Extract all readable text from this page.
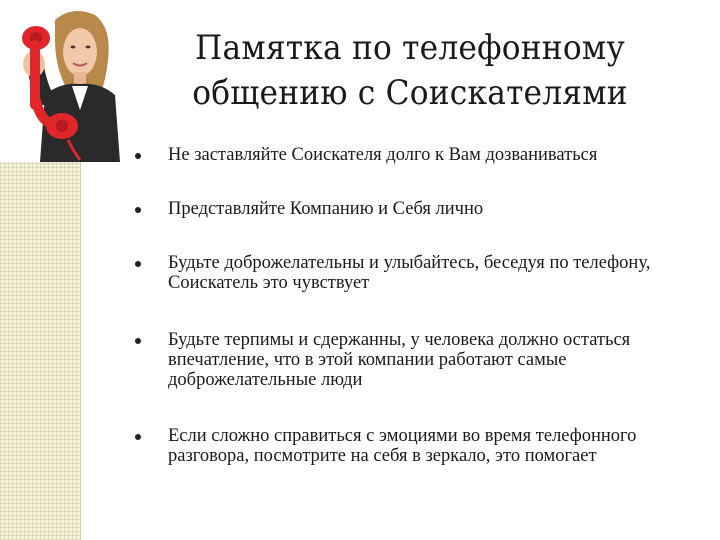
Памятка по телефонному
общению с Соискателями
Не заставляйте Соискателя долго к Вам дозваниваться
Представляйте Компанию и Себя лично
Будьте доброжелательны и улыбайтесь, беседуя по телефону, Соискатель это чувствует
Будьте терпимы и сдержанны, у человека должно остаться впечатление, что в этой компании работают самые доброжелательные люди
Если сложно справиться с эмоциями во время телефонного разговора, посмотрите на себя в зеркало, это помогает
